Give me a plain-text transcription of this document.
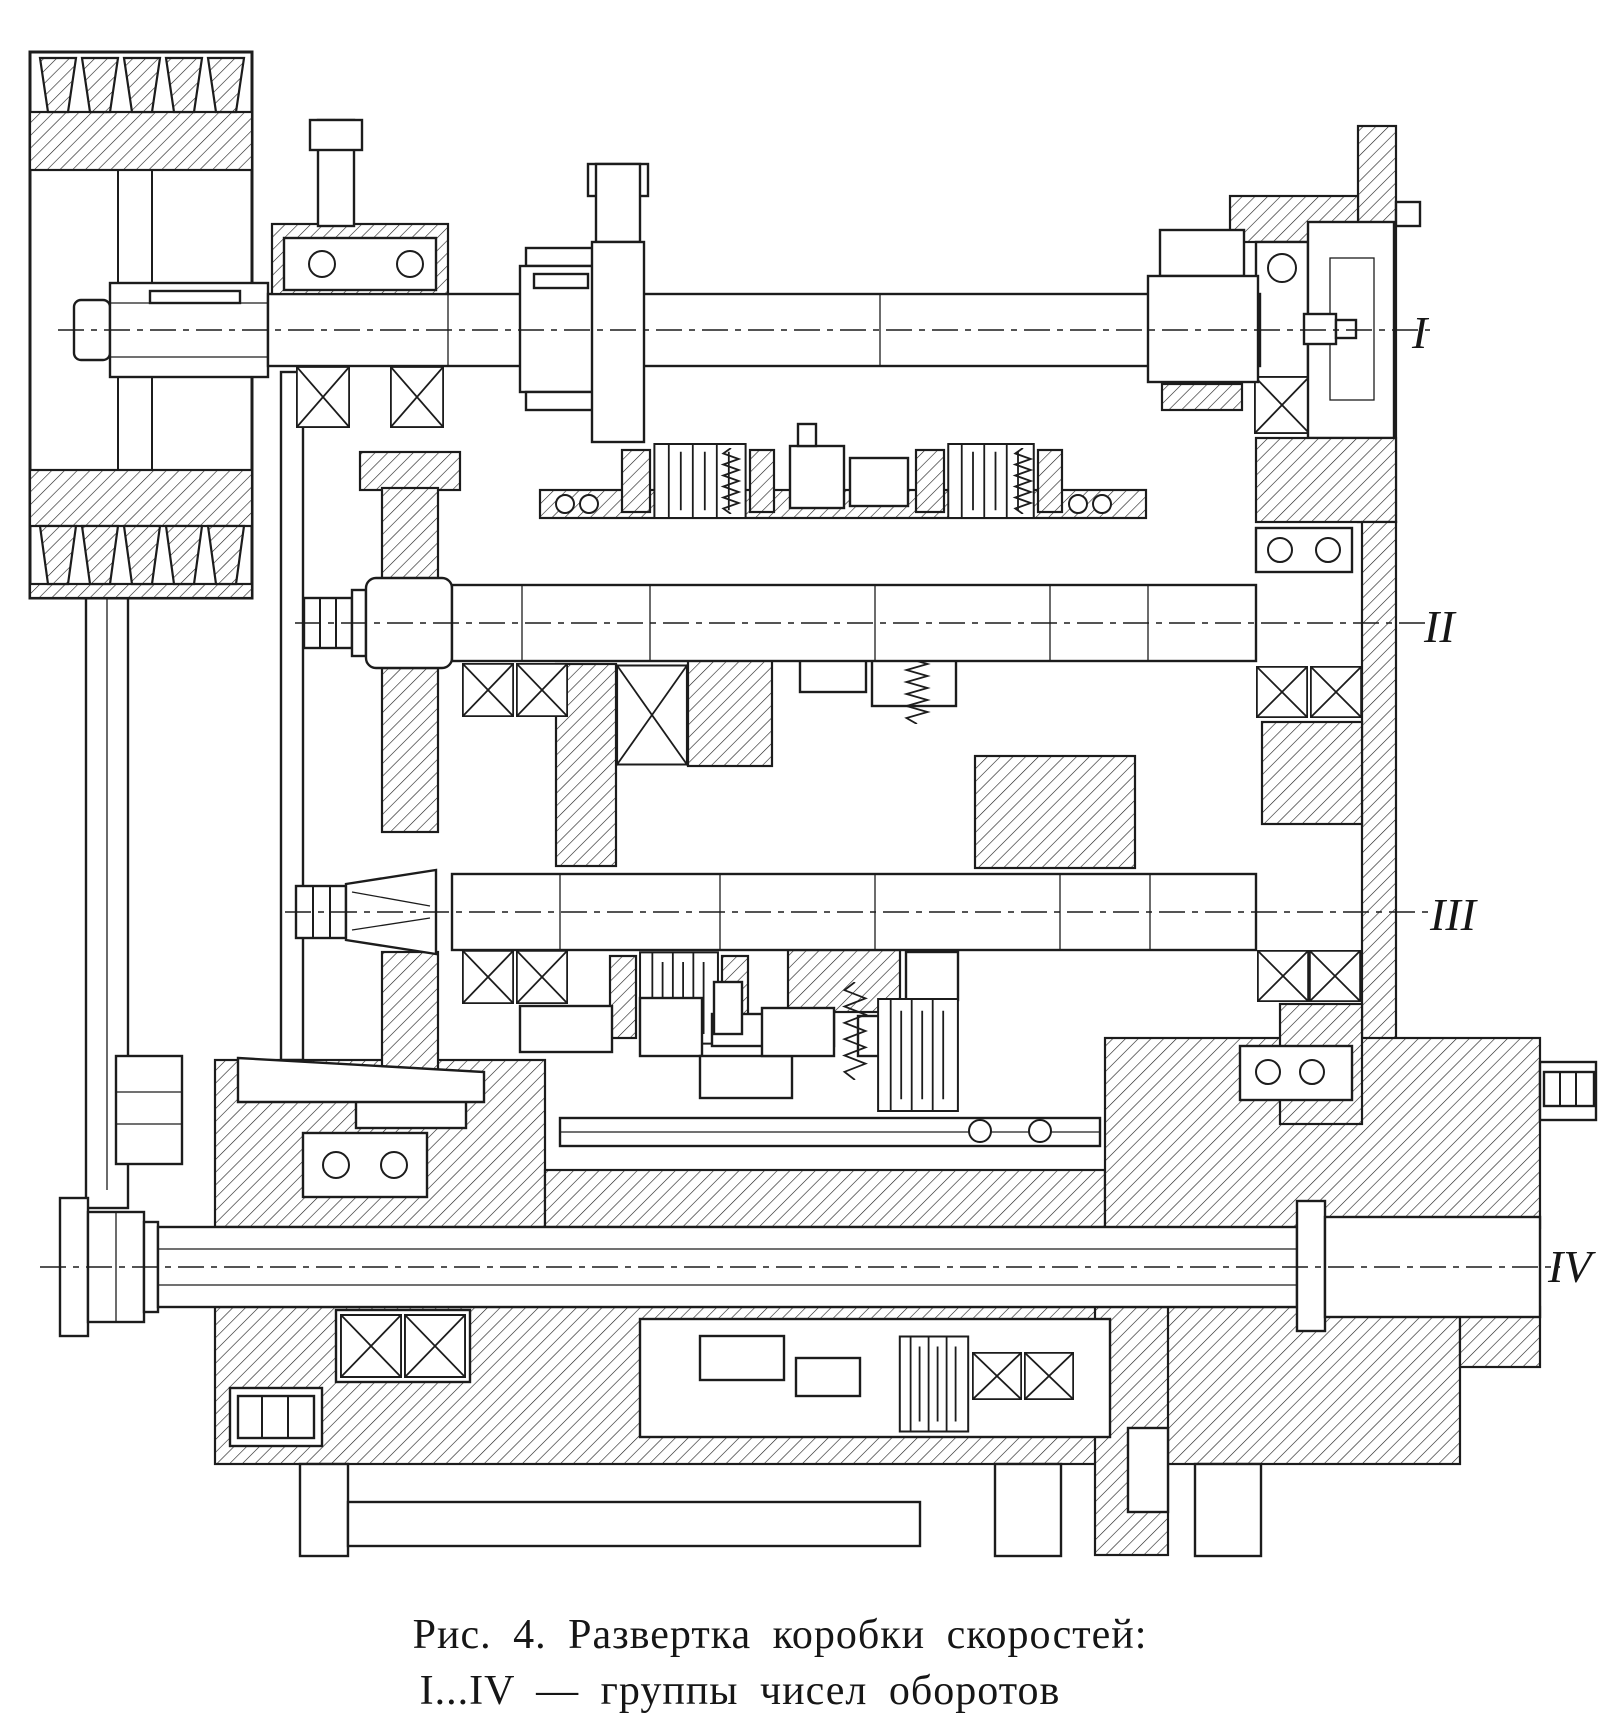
I
II
III
IV
Рис. 4. Развертка коробки скоростей:
I...IV — группы чисел оборотов
